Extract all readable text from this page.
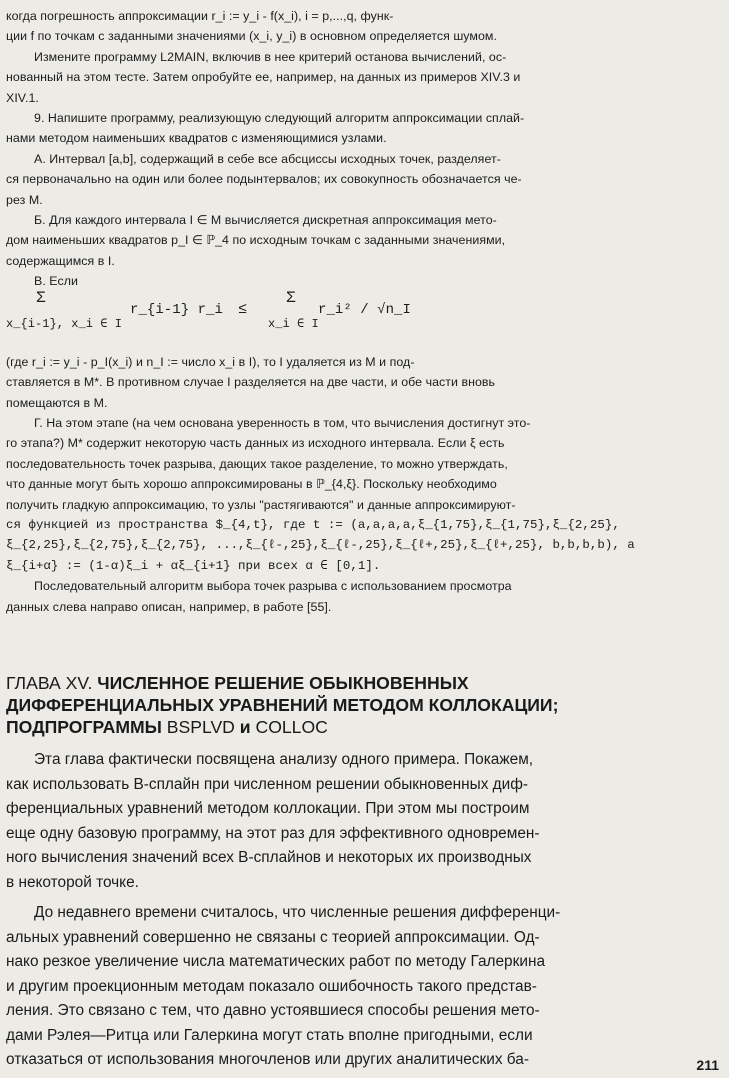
когда погрешность аппроксимации r_i := y_i - f(x_i), i = p,...,q, функ-
ции f по точкам с заданными значениями (x_i, y_i) в основном определяется шумом.
Измените программу L2MAIN, включив в нее критерий останова вычислений, ос-
нованный на этом тесте. Затем опробуйте ее, например, на данных из примеров XIV.3 и
XIV.1.
9. Напишите программу, реализующую следующий алгоритм аппроксимации сплай-
нами методом наименьших квадратов с изменяющимися узлами.
А. Интервал [a,b], содержащий в себе все абсциссы исходных точек, разделяет-
ся первоначально на один или более подынтервалов; их совокупность обозначается че-
рез M.
Б. Для каждого интервала I ∈ M вычисляется дискретная аппроксимация мето-
дом наименьших квадратов p_I ∈ ℙ_4 по исходным точкам с заданными значениями,
содержащимся в I.
В. Если
Σ
x_{i-1}, x_i ∈ I
r_{i-1} r_i ≤
Σ
x_i ∈ I
r_i² / √n_I
(где r_i := y_i - p_I(x_i) и n_I := число x_i в I), то I удаляется из M и под-
ставляется в M*. В противном случае I разделяется на две части, и обе части вновь
помещаются в M.
Г. На этом этапе (на чем основана уверенность в том, что вычисления достигнут это-
го этапа?) M* содержит некоторую часть данных из исходного интервала. Если ξ есть
последовательность точек разрыва, дающих такое разделение, то можно утверждать,
что данные могут быть хорошо аппроксимированы в ℙ_{4,ξ}. Поскольку необходимо
получить гладкую аппроксимацию, то узлы "растягиваются" и данные аппроксимируют-
ся функцией из пространства $_{4,t}, где t := (a,a,a,a,ξ_{1,75},ξ_{1,75},ξ_{2,25},
ξ_{2,25},ξ_{2,75},ξ_{2,75}, ...,ξ_{ℓ-,25},ξ_{ℓ-,25},ξ_{ℓ+,25},ξ_{ℓ+,25}, b,b,b,b), а
ξ_{i+α} := (1-α)ξ_i + αξ_{i+1} при всех α ∈ [0,1].
Последовательный алгоритм выбора точек разрыва с использованием просмотра
данных слева направо описан, например, в работе [55].
ГЛАВА XV. ЧИСЛЕННОЕ РЕШЕНИЕ ОБЫКНОВЕННЫХ
ДИФФЕРЕНЦИАЛЬНЫХ УРАВНЕНИЙ МЕТОДОМ КОЛЛОКАЦИИ;
ПОДПРОГРАММЫ BSPLVD и COLLOC
Эта глава фактически посвящена анализу одного примера. Покажем,
как использовать B-сплайн при численном решении обыкновенных диф-
ференциальных уравнений методом коллокации. При этом мы построим
еще одну базовую программу, на этот раз для эффективного одновремен-
ного вычисления значений всех B-сплайнов и некоторых их производных
в некоторой точке.
До недавнего времени считалось, что численные решения дифференци-
альных уравнений совершенно не связаны с теорией аппроксимации. Од-
нако резкое увеличение числа математических работ по методу Галеркина
и другим проекционным методам показало ошибочность такого представ-
ления. Это связано с тем, что давно устоявшиеся способы решения мето-
дами Рэлея—Ритца или Галеркина могут стать вполне пригодными, если
отказаться от использования многочленов или других аналитических ба-	211
